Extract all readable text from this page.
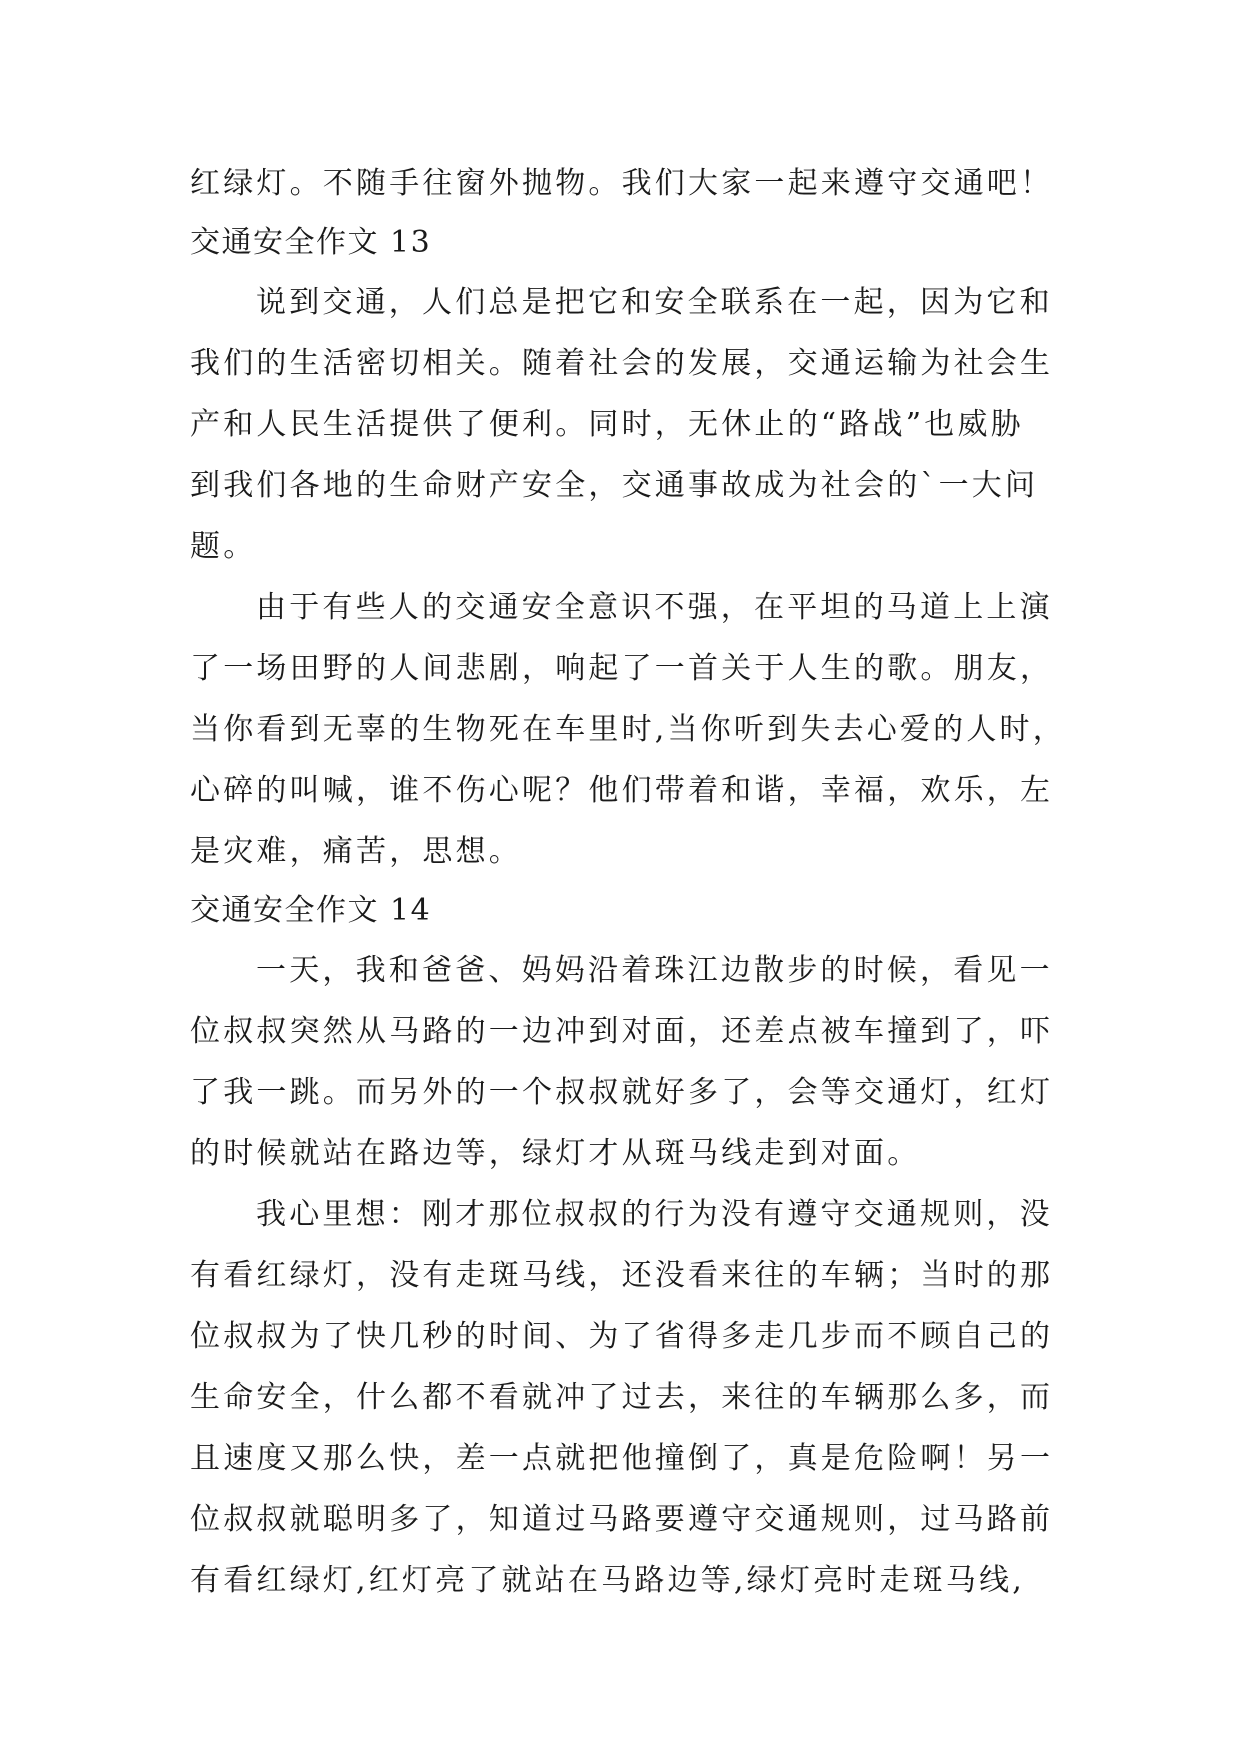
红绿灯。不随手往窗外抛物。我们大家一起来遵守交通吧！
交通安全作文 13
说到交通，人们总是把它和安全联系在一起，因为它和
我们的生活密切相关。随着社会的发展，交通运输为社会生
产和人民生活提供了便利。同时，无休止的“路战”也威胁
到我们各地的生命财产安全，交通事故成为社会的`一大问
题。
由于有些人的交通安全意识不强，在平坦的马道上上演
了一场田野的人间悲剧，响起了一首关于人生的歌。朋友，
当你看到无辜的生物死在车里时,当你听到失去心爱的人时，
心碎的叫喊，谁不伤心呢？他们带着和谐，幸福，欢乐，左
是灾难，痛苦，思想。
交通安全作文 14
一天，我和爸爸、妈妈沿着珠江边散步的时候，看见一
位叔叔突然从马路的一边冲到对面，还差点被车撞到了，吓
了我一跳。而另外的一个叔叔就好多了，会等交通灯，红灯
的时候就站在路边等，绿灯才从斑马线走到对面。
我心里想：刚才那位叔叔的行为没有遵守交通规则，没
有看红绿灯，没有走斑马线，还没看来往的车辆；当时的那
位叔叔为了快几秒的时间、为了省得多走几步而不顾自己的
生命安全，什么都不看就冲了过去，来往的车辆那么多，而
且速度又那么快，差一点就把他撞倒了，真是危险啊！另一
位叔叔就聪明多了，知道过马路要遵守交通规则，过马路前
有看红绿灯,红灯亮了就站在马路边等,绿灯亮时走斑马线,
